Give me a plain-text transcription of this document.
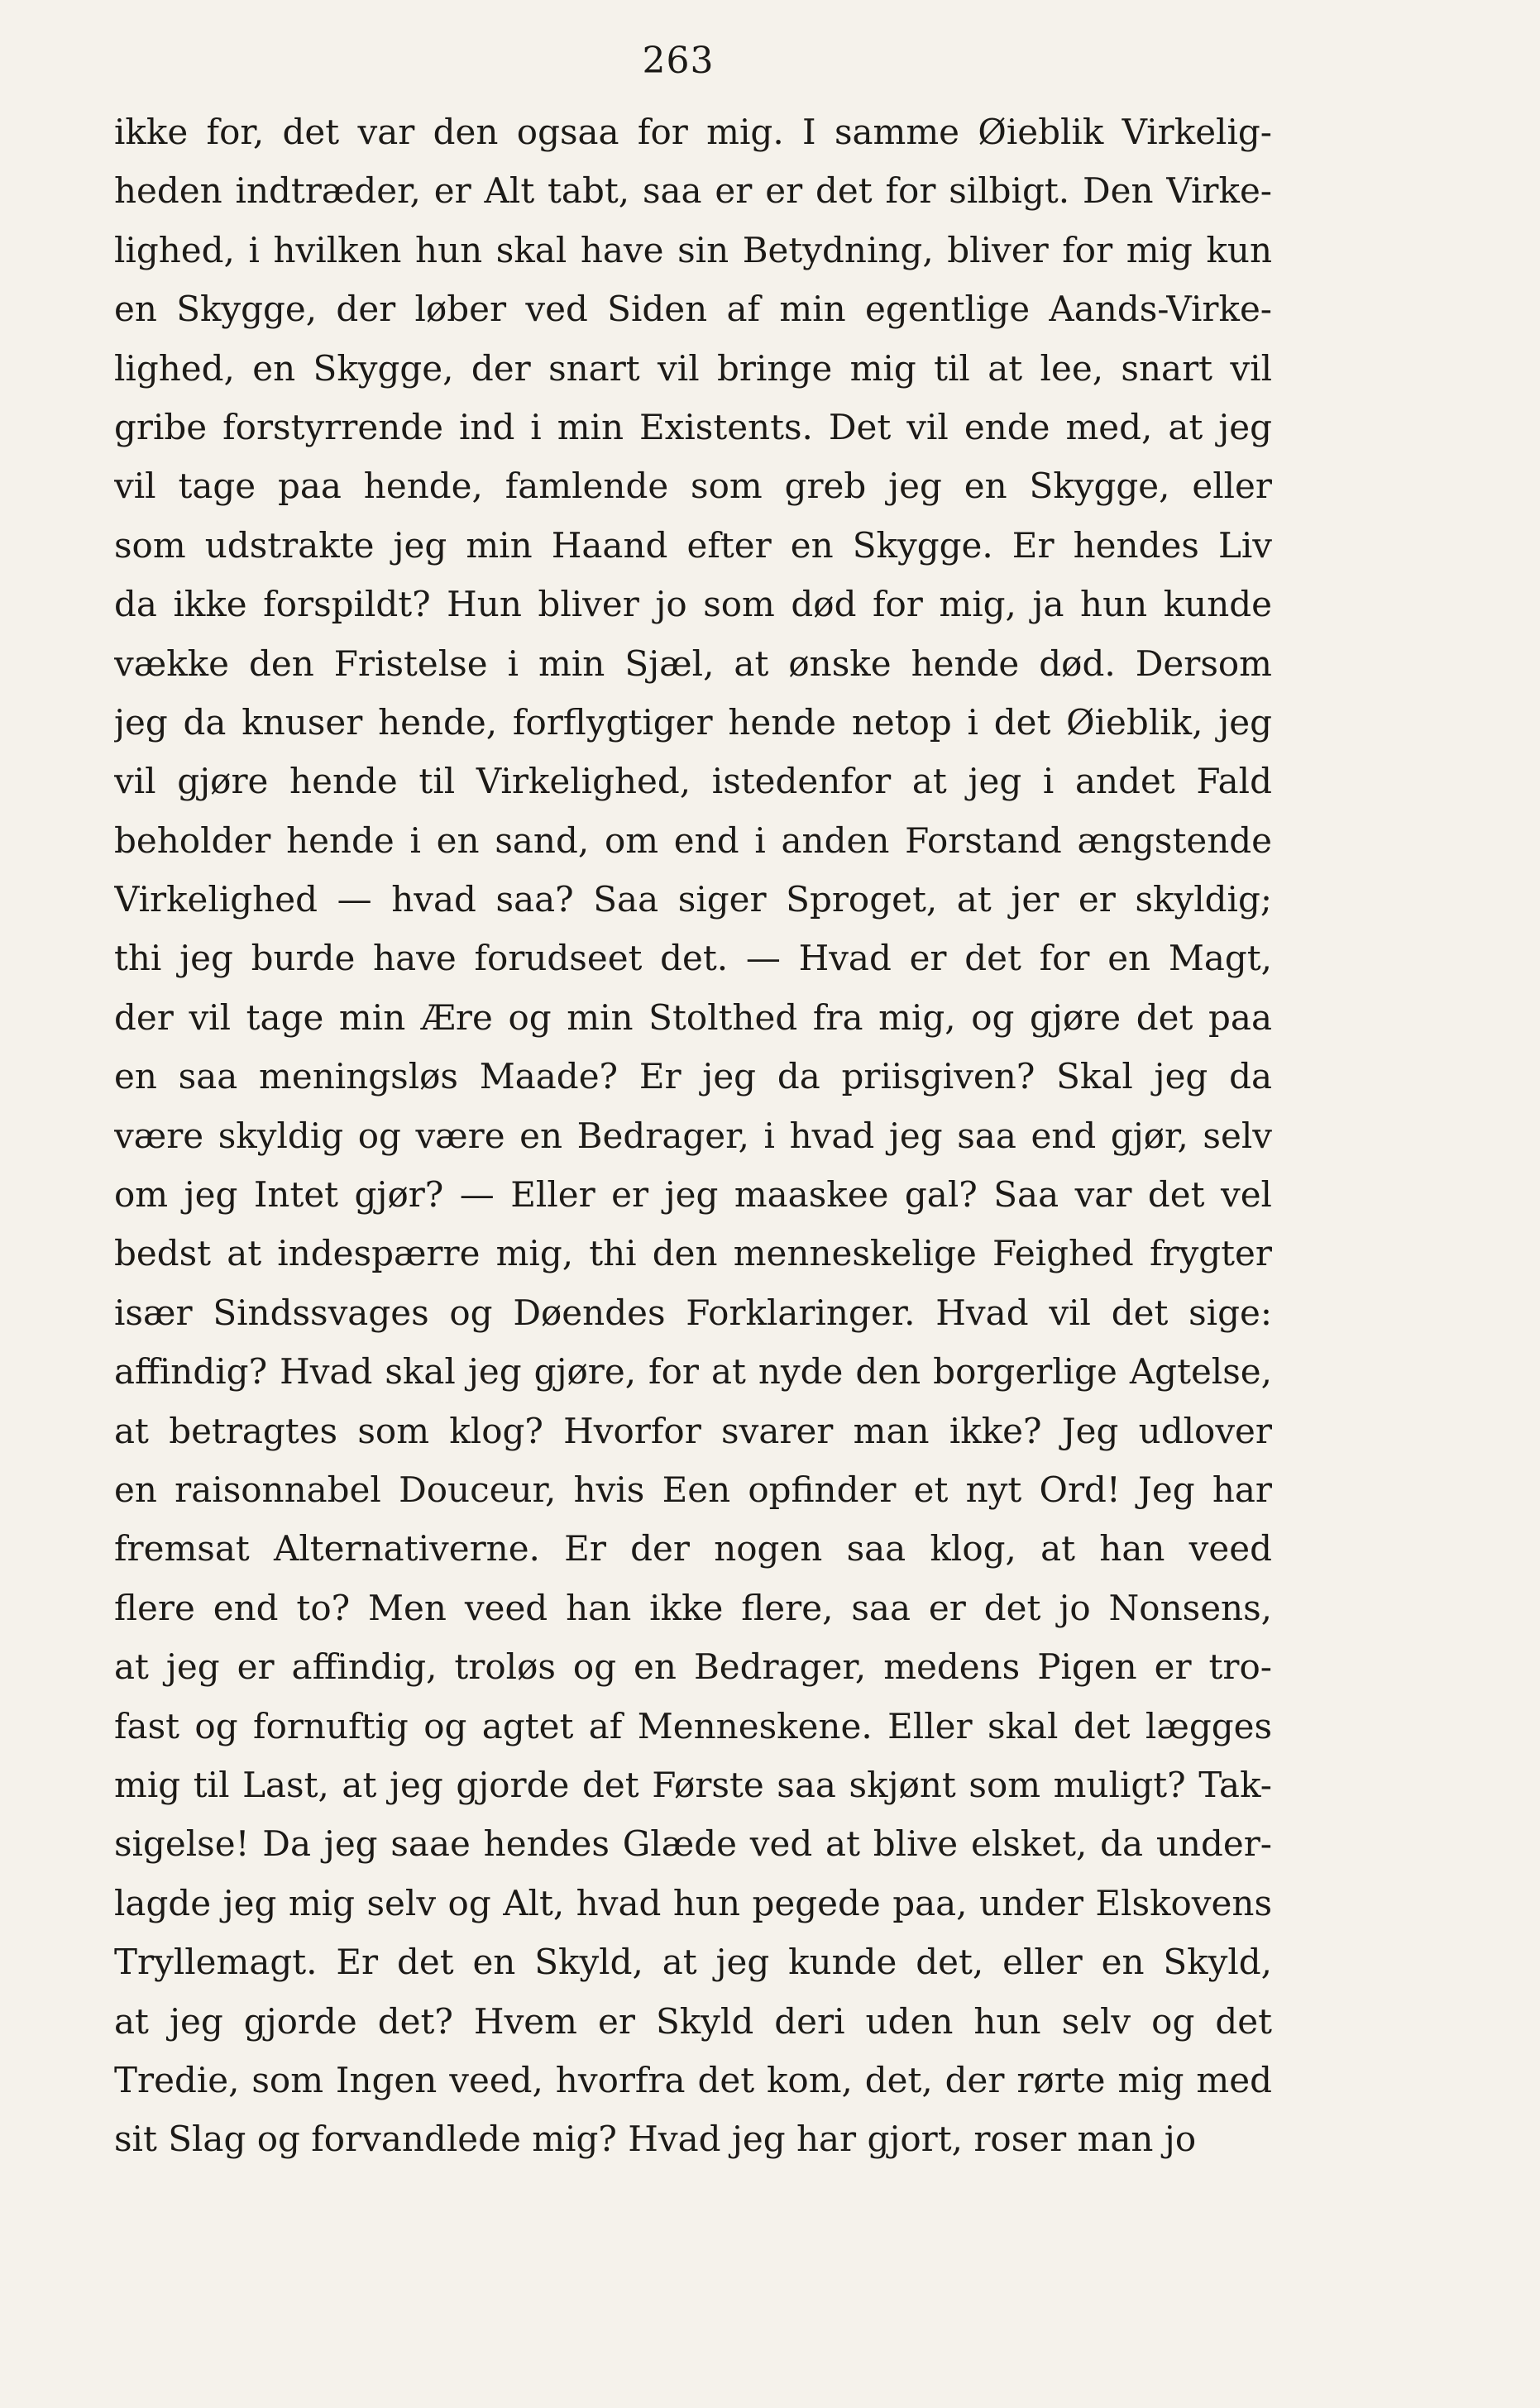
263
ikke for, det var den ogsaa for mig. I samme Øieblik Virkelig-
heden indtræder, er Alt tabt, saa er er det for silbigt. Den Virke-
lighed, i hvilken hun skal have sin Betydning, bliver for mig kun
en Skygge, der løber ved Siden af min egentlige Aands-Virke-
lighed, en Skygge, der snart vil bringe mig til at lee, snart vil
gribe forstyrrende ind i min Existents. Det vil ende med, at jeg
vil tage paa hende, famlende som greb jeg en Skygge, eller
som udstrakte jeg min Haand efter en Skygge. Er hendes Liv
da ikke forspildt? Hun bliver jo som død for mig, ja hun kunde
vække den Fristelse i min Sjæl, at ønske hende død. Dersom
jeg da knuser hende, forflygtiger hende netop i det Øieblik, jeg
vil gjøre hende til Virkelighed, istedenfor at jeg i andet Fald
beholder hende i en sand, om end i anden Forstand ængstende
Virkelighed — hvad saa? Saa siger Sproget, at jer er skyldig;
thi jeg burde have forudseet det. — Hvad er det for en Magt,
der vil tage min Ære og min Stolthed fra mig, og gjøre det paa
en saa meningsløs Maade? Er jeg da priisgiven? Skal jeg da
være skyldig og være en Bedrager, i hvad jeg saa end gjør, selv
om jeg Intet gjør? — Eller er jeg maaskee gal? Saa var det vel
bedst at indespærre mig, thi den menneskelige Feighed frygter
især Sindssvages og Døendes Forklaringer. Hvad vil det sige:
affindig? Hvad skal jeg gjøre, for at nyde den borgerlige Agtelse,
at betragtes som klog? Hvorfor svarer man ikke? Jeg udlover
en raisonnabel Douceur, hvis Een opfinder et nyt Ord! Jeg har
fremsat Alternativerne. Er der nogen saa klog, at han veed
flere end to? Men veed han ikke flere, saa er det jo Nonsens,
at jeg er affindig, troløs og en Bedrager, medens Pigen er tro-
fast og fornuftig og agtet af Menneskene. Eller skal det lægges
mig til Last, at jeg gjorde det Første saa skjønt som muligt? Tak-
sigelse! Da jeg saae hendes Glæde ved at blive elsket, da under-
lagde jeg mig selv og Alt, hvad hun pegede paa, under Elskovens
Tryllemagt. Er det en Skyld, at jeg kunde det, eller en Skyld,
at jeg gjorde det? Hvem er Skyld deri uden hun selv og det
Tredie, som Ingen veed, hvorfra det kom, det, der rørte mig med
sit Slag og forvandlede mig? Hvad jeg har gjort, roser man jo
